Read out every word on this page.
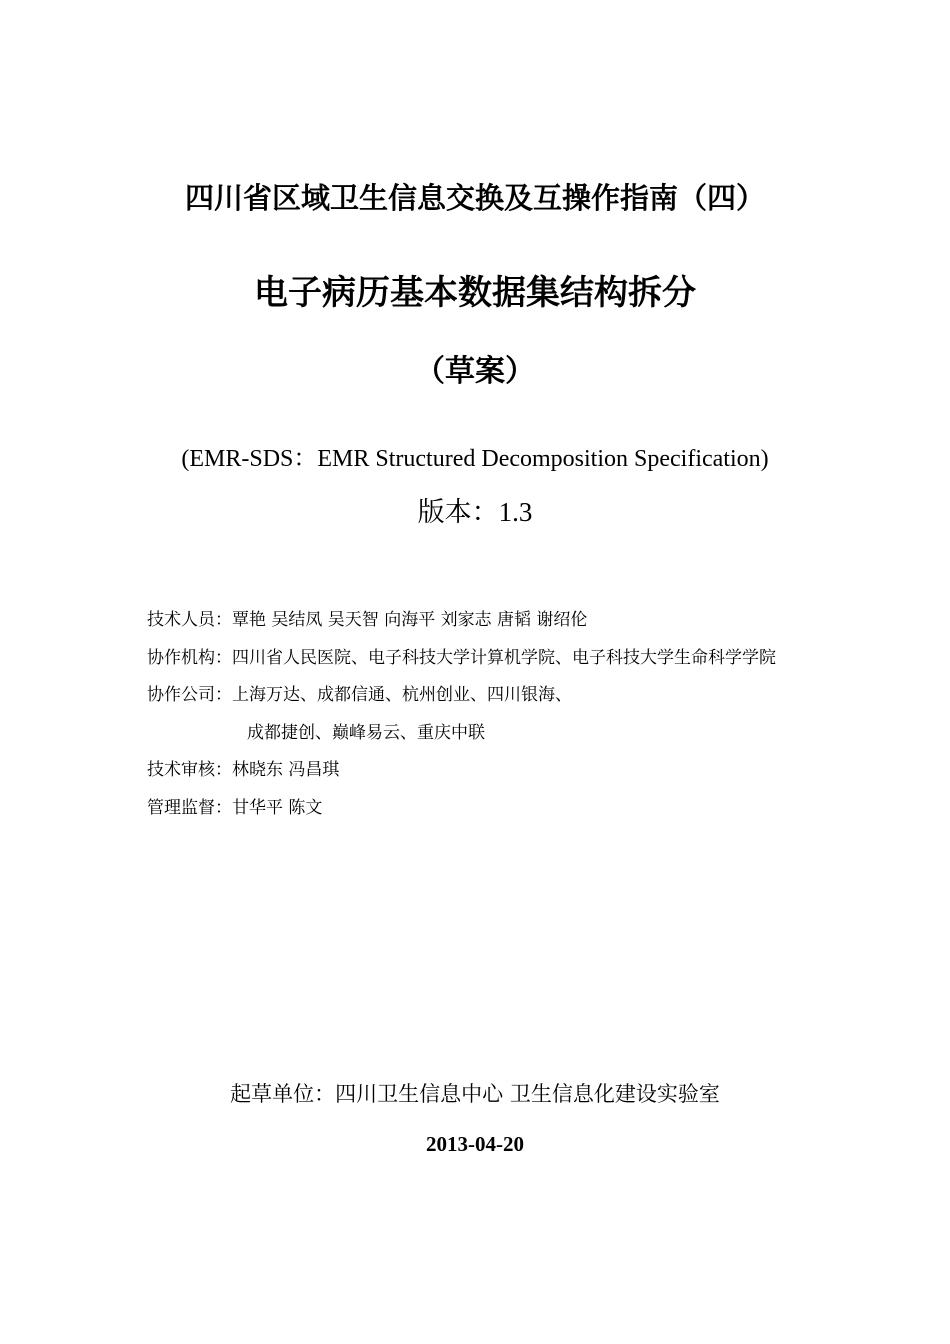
四川省区域卫生信息交换及互操作指南（四）
电子病历基本数据集结构拆分
（草案）
(EMR-SDS：EMR Structured Decomposition Specification)
版本：1.3
技术人员：覃艳 吴结凤 吴天智 向海平 刘家志 唐韬 谢绍伦
协作机构：四川省人民医院、电子科技大学计算机学院、电子科技大学生命科学学院
协作公司：上海万达、成都信通、杭州创业、四川银海、
成都捷创、巅峰易云、重庆中联
技术审核：林晓东 冯昌琪
管理监督：甘华平 陈文
起草单位：四川卫生信息中心 卫生信息化建设实验室
2013-04-20
